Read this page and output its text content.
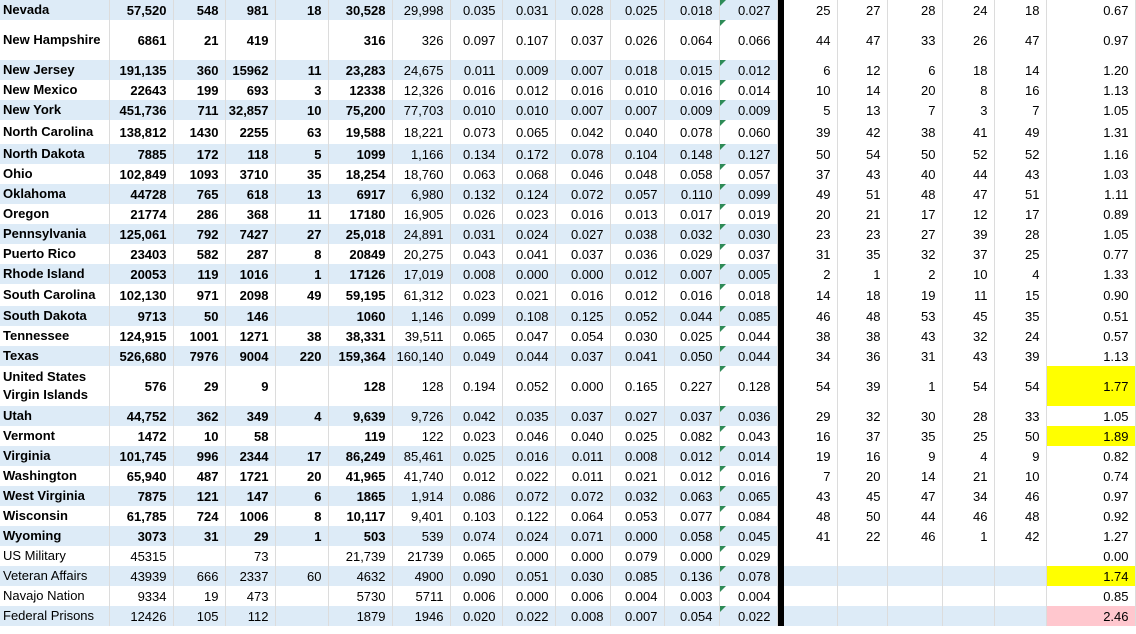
Nevada	57,520	548	981	18	30,528	29,998	0.035	0.031	0.028	0.025	0.018	0.027		25	27	28	24	18	0.67
New Hampshire	6861	21	419		316	326	0.097	0.107	0.037	0.026	0.064	0.066		44	47	33	26	47	0.97
New Jersey	191,135	360	15962	11	23,283	24,675	0.011	0.009	0.007	0.018	0.015	0.012		6	12	6	18	14	1.20
New Mexico	22643	199	693	3	12338	12,326	0.016	0.012	0.016	0.010	0.016	0.014		10	14	20	8	16	1.13
New York	451,736	711	32,857	10	75,200	77,703	0.010	0.010	0.007	0.007	0.009	0.009		5	13	7	3	7	1.05
North Carolina	138,812	1430	2255	63	19,588	18,221	0.073	0.065	0.042	0.040	0.078	0.060		39	42	38	41	49	1.31
North Dakota	7885	172	118	5	1099	1,166	0.134	0.172	0.078	0.104	0.148	0.127		50	54	50	52	52	1.16
Ohio	102,849	1093	3710	35	18,254	18,760	0.063	0.068	0.046	0.048	0.058	0.057		37	43	40	44	43	1.03
Oklahoma	44728	765	618	13	6917	6,980	0.132	0.124	0.072	0.057	0.110	0.099		49	51	48	47	51	1.11
Oregon	21774	286	368	11	17180	16,905	0.026	0.023	0.016	0.013	0.017	0.019		20	21	17	12	17	0.89
Pennsylvania	125,061	792	7427	27	25,018	24,891	0.031	0.024	0.027	0.038	0.032	0.030		23	23	27	39	28	1.05
Puerto Rico	23403	582	287	8	20849	20,275	0.043	0.041	0.037	0.036	0.029	0.037		31	35	32	37	25	0.77
Rhode Island	20053	119	1016	1	17126	17,019	0.008	0.000	0.000	0.012	0.007	0.005		2	1	2	10	4	1.33
South Carolina	102,130	971	2098	49	59,195	61,312	0.023	0.021	0.016	0.012	0.016	0.018		14	18	19	11	15	0.90
South Dakota	9713	50	146		1060	1,146	0.099	0.108	0.125	0.052	0.044	0.085		46	48	53	45	35	0.51
Tennessee	124,915	1001	1271	38	38,331	39,511	0.065	0.047	0.054	0.030	0.025	0.044		38	38	43	32	24	0.57
Texas	526,680	7976	9004	220	159,364	160,140	0.049	0.044	0.037	0.041	0.050	0.044		34	36	31	43	39	1.13
United States Virgin Islands	576	29	9		128	128	0.194	0.052	0.000	0.165	0.227	0.128		54	39	1	54	54	1.77
Utah	44,752	362	349	4	9,639	9,726	0.042	0.035	0.037	0.027	0.037	0.036		29	32	30	28	33	1.05
Vermont	1472	10	58		119	122	0.023	0.046	0.040	0.025	0.082	0.043		16	37	35	25	50	1.89
Virginia	101,745	996	2344	17	86,249	85,461	0.025	0.016	0.011	0.008	0.012	0.014		19	16	9	4	9	0.82
Washington	65,940	487	1721	20	41,965	41,740	0.012	0.022	0.011	0.021	0.012	0.016		7	20	14	21	10	0.74
West Virginia	7875	121	147	6	1865	1,914	0.086	0.072	0.072	0.032	0.063	0.065		43	45	47	34	46	0.97
Wisconsin	61,785	724	1006	8	10,117	9,401	0.103	0.122	0.064	0.053	0.077	0.084		48	50	44	46	48	0.92
Wyoming	3073	31	29	1	503	539	0.074	0.024	0.071	0.000	0.058	0.045		41	22	46	1	42	1.27
US Military	45315		73		21,739	21739	0.065	0.000	0.000	0.079	0.000	0.029							0.00
Veteran Affairs	43939	666	2337	60	4632	4900	0.090	0.051	0.030	0.085	0.136	0.078							1.74
Navajo Nation	9334	19	473		5730	5711	0.006	0.000	0.006	0.004	0.003	0.004							0.85
Federal Prisons	12426	105	112		1879	1946	0.020	0.022	0.008	0.007	0.054	0.022							2.46
